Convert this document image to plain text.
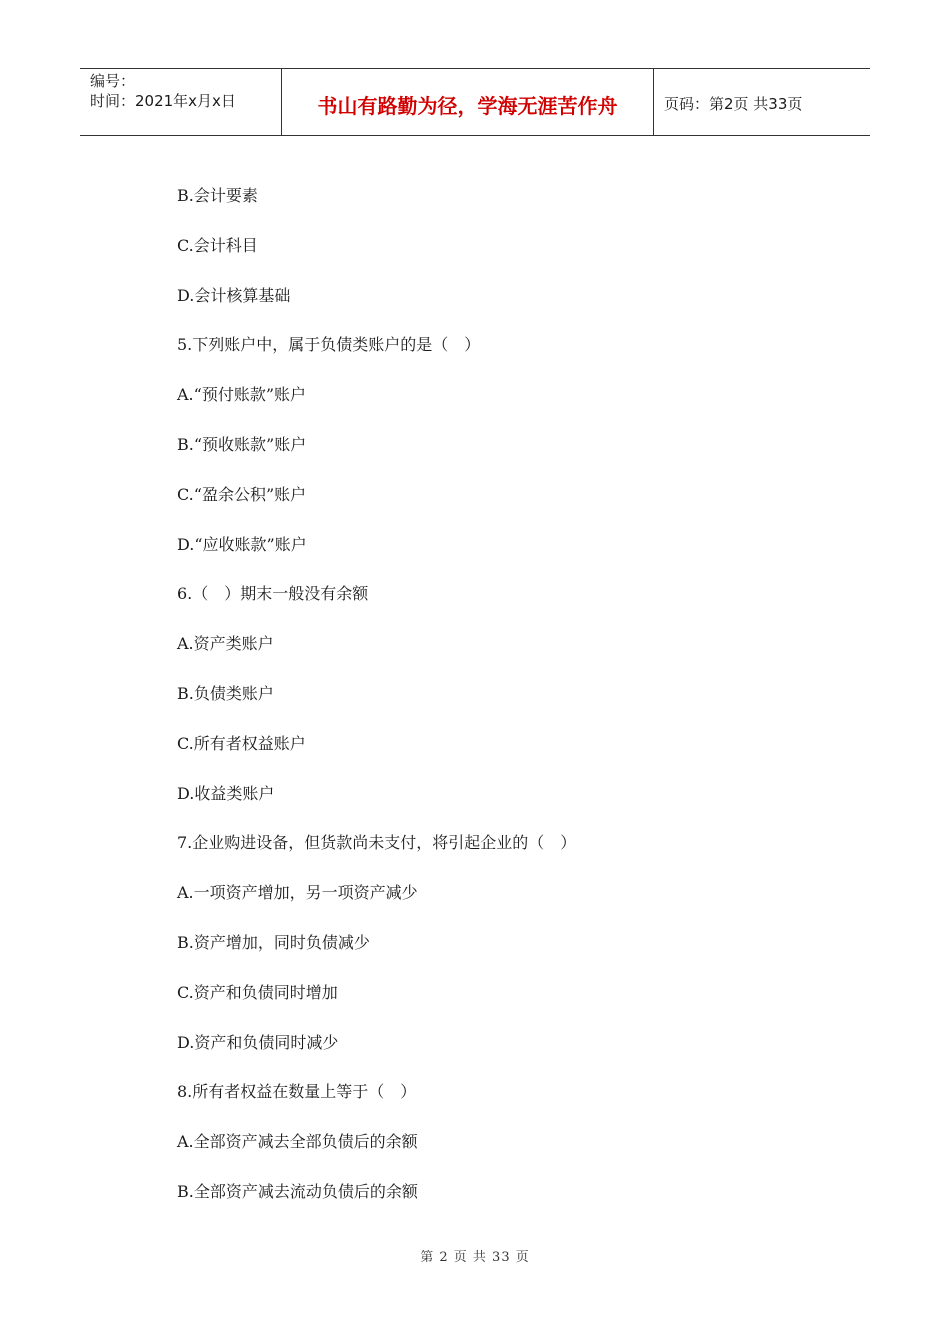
编号：
时间：2021年x月x日	书山有路勤为径，学海无涯苦作舟	页码：第2页 共33页
B.会计要素
C.会计科目
D.会计核算基础
5.下列账户中，属于负债类账户的是（　）
A.“预付账款”账户
B.“预收账款”账户
C.“盈余公积”账户
D.“应收账款”账户
6.（　）期末一般没有余额
A.资产类账户
B.负债类账户
C.所有者权益账户
D.收益类账户
7.企业购进设备，但货款尚未支付，将引起企业的（　）
A.一项资产增加，另一项资产减少
B.资产增加，同时负债减少
C.资产和负债同时增加
D.资产和负债同时减少
8.所有者权益在数量上等于（　）
A.全部资产减去全部负债后的余额
B.全部资产减去流动负债后的余额
第 2 页 共 33 页
